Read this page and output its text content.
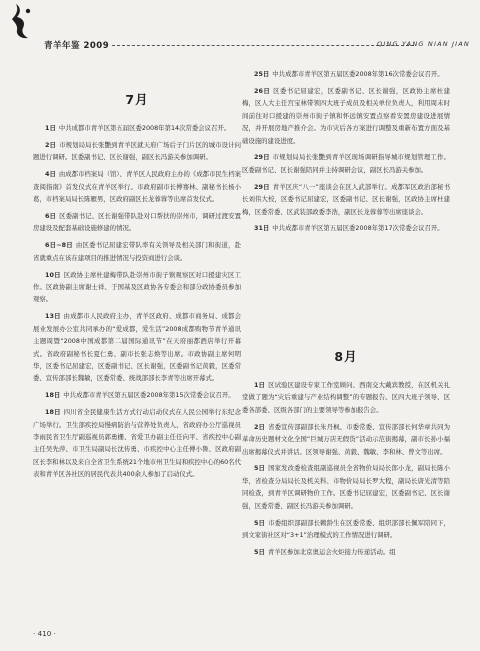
青羊年鉴 2009	QING YANG NIAN JIAN
7月

1日 中共成都市青羊区第五届区委2008年第14次常委会议召开。

2日 市规划局局长张艷到青羊区就天府广场后子门片区的城市设计问题进行调研。区委副书记、区长谢强，副区长冯游关参加调研。

4日 由成都市档案局（馆）、青羊区人民政府主办的《成都市民生档案查阅指南》首发仪式在青羊区举行。市政府副市长傅骞林、副秘书长杨小葛，市档案局局长陈雁男，区政府副区长龙蓉蓉等出席首发仪式。

6日 区委副书记、区长谢强带队赴对口帮扶的崇州市，调研过渡安置房建设及配套基础设施修建的情况。

6日~8日 由区委书记屈建宏带队率有关领导及相关部门和街道，赴省就重点在该在建项目的推进情况与投资商进行会谈。

10日 区政协主席杜建梅带队赴崇州市街子镇观察区对口援建灾区工作。区政协副主席谢士祥、于国基及区政协各专委会和部分政协委员参加观察。

13日 由成都市人民政府主办，青羊区政府、成都市商务局、成都会展业发展办公室共同承办的“爱成都，爱生活”2008成都购物节青羊通讯主题周暨“2008中国成都第二届国际通讯节”在天府丽都酒店举行开幕式。省政府副秘书长夏仁勇、副市长张志焕等出席。市政协副主席何明华，区委书记屈建宏，区委副书记、区长谢强，区委副书记黄毅，区委常委、宣传部部长魏敏，区委常委、统战部部长李青等出席开幕式。

18日 中共成都市青羊区第五届区委2008年第15次常委会议召开。

18日 四川省全民健康生活方式行动启动仪式在人民公园举行东纪念广场举行。卫生部疾控局慢病防治与营养处负责人、省政府办公厅巡视员李雨民省卫生厅副巡视员郭勇栅、省爱卫办副主任任向平、省疾控中心副主任吴先萍、市卫生局副局长沈传勇、市疾控中心主任傅小鲁、区政府副区长李和林以及来自全省卫生系统21个地市州卫生局和疾控中心的60名代表和青羊区各社区的居民代表共400余人参加了启动仪式。

25日 中共成都市青羊区第五届区委2008年第16次常委会议召开。

26日 区委书记屈建宏，区委副书记、区长谢强，区政协主席杜建梅，区人大主任宫宝林带领四大班子成员及相关单位负责人，利用周末时间前往对口援建的崇州市街子镇和怀远镇安置点察看安置房建设进展情况，并开展房地产推介会。为市灾后各方案进行调整及重新布置方面及基础设施的建设进度。

29日 市规划局局长张艷到青羊区现场调研指导城市规划管理工作。区委副书记、区长谢强陪同并主持调研会议，副区长冯游关参加。

29日 青羊区庆“八一”座谈会在区人武部举行。成都军区政治部秘书长刘伟大校，区委书记屈建宏，区委副书记、区长谢强，区政协主席杜建梅，区委常委、区武装部政委李浩，副区长龙蓉蓉等出席座谈会。

31日 中共成都市青羊区第五届区委2008年第17次常委会议召开。

8月

1日 区试验区建设专家工作室顾问、西南交大戴宾教授，在区机关礼堂做了题为“灾后重建与产业结构调整”的专题报告。区四大班子领导、区委各部委、区级各部门的主要领导等参加报告会。

2日 省委宣传部副部长朱丹枫、市委常委、宣传部部长何华章共同为革命历史题材文化全国“巨城万店无假货”活动示范街揭幕，副市长孙小福出席揭幕仪式并讲话。区领导谢强、黄毅、魏敏、李和林、曾文等出席。

5日 国家发改委检查组副巡视员全省物价局局长郎小龙，副局长陈小华，省检查分局局长及机关科、市物价局局长罗大程，副局长唐光清等陪同检查，到青羊区调研物价工作。区委书记屈建宏，区委副书记、区长谢强，区委常委、副区长冯游关参加调研。

5日 市委组织部副部长赖龄生在区委常委、组织部部长佩军陪同下，到文家街社区对“3+1”治理模式的工作情况进行调研。

5日 青羊区参加北京奥运会火炬接力传递活动。组

· 410 ·
